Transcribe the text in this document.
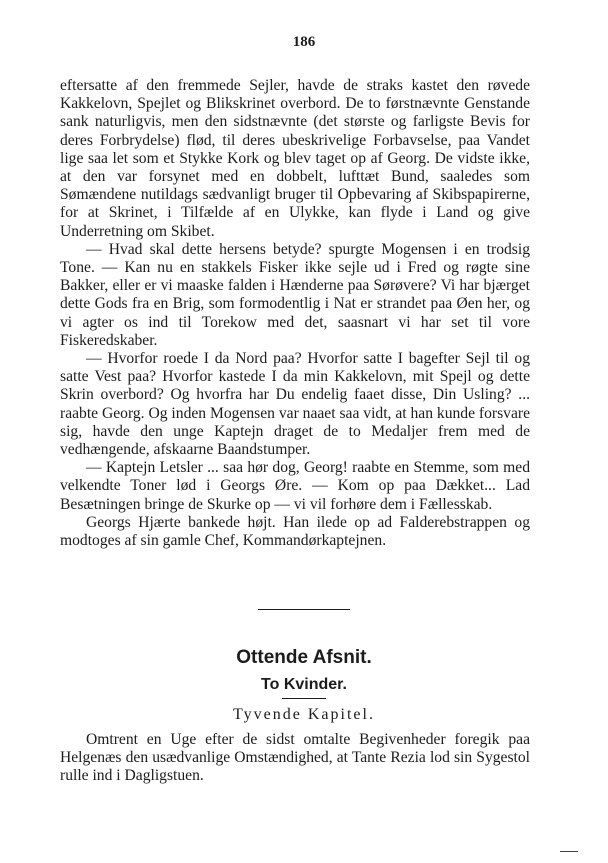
186

eftersatte af den fremmede Sejler, havde de straks kastet den røvede Kakkelovn, Spejlet og Blikskrinet overbord. De to førstnævnte Genstande sank naturligvis, men den sidstnævnte (det største og farligste Bevis for deres Forbrydelse) flød, til deres ubeskrivelige Forbavselse, paa Vandet lige saa let som et Stykke Kork og blev taget op af Georg. De vidste ikke, at den var forsynet med en dobbelt, lufttæt Bund, saaledes som Sømændene nutildags sædvanligt bruger til Opbevaring af Skibspapirerne, for at Skrinet, i Tilfælde af en Ulykke, kan flyde i Land og give Underretning om Skibet.

— Hvad skal dette hersens betyde? spurgte Mogensen i en trodsig Tone. — Kan nu en stakkels Fisker ikke sejle ud i Fred og røgte sine Bakker, eller er vi maaske falden i Hænderne paa Sørøvere? Vi har bjærget dette Gods fra en Brig, som formodentlig i Nat er strandet paa Øen her, og vi agter os ind til Torekow med det, saasnart vi har set til vore Fiskeredskaber.

— Hvorfor roede I da Nord paa? Hvorfor satte I bagefter Sejl til og satte Vest paa? Hvorfor kastede I da min Kakkelovn, mit Spejl og dette Skrin overbord? Og hvorfra har Du endelig faaet disse, Din Usling? ... raabte Georg. Og inden Mogensen var naaet saa vidt, at han kunde forsvare sig, havde den unge Kaptejn draget de to Medaljer frem med de vedhængende, afskaarne Baandstumper.

— Kaptejn Letsler ... saa hør dog, Georg! raabte en Stemme, som med velkendte Toner lød i Georgs Øre. — Kom op paa Dækket... Lad Besætningen bringe de Skurke op — vi vil forhøre dem i Fællesskab.

Georgs Hjærte bankede højt. Han ilede op ad Falderebstrappen og modtoges af sin gamle Chef, Kommandørkaptejnen.

Ottende Afsnit.
To Kvinder.
Tyvende Kapitel.

Omtrent en Uge efter de sidst omtalte Begivenheder foregik paa Helgenæs den usædvanlige Omstændighed, at Tante Rezia lod sin Sygestol rulle ind i Dagligstuen.
